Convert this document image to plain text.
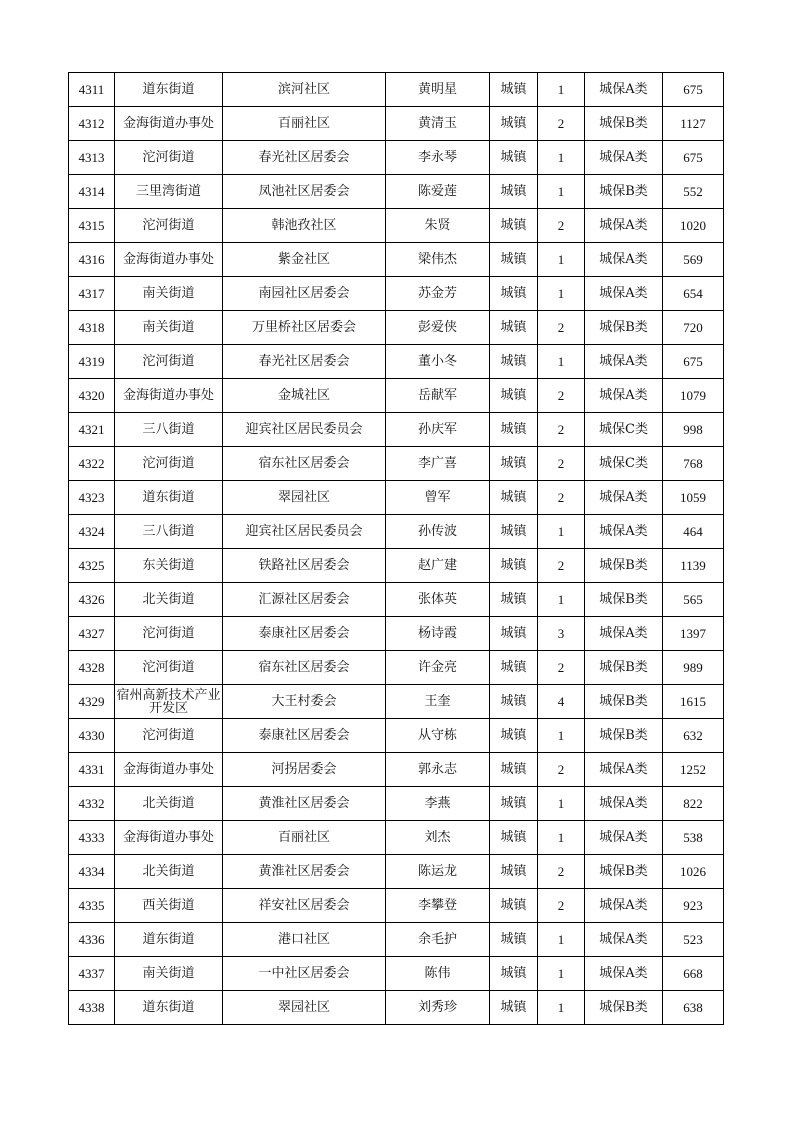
4311	道东街道	滨河社区	黄明星	城镇	1	城保A类	675
4312	金海街道办事处	百丽社区	黄清玉	城镇	2	城保B类	1127
4313	沱河街道	春光社区居委会	李永琴	城镇	1	城保A类	675
4314	三里湾街道	凤池社区居委会	陈爱莲	城镇	1	城保B类	552
4315	沱河街道	韩池孜社区	朱贤	城镇	2	城保A类	1020
4316	金海街道办事处	紫金社区	梁伟杰	城镇	1	城保A类	569
4317	南关街道	南园社区居委会	苏金芳	城镇	1	城保A类	654
4318	南关街道	万里桥社区居委会	彭爱侠	城镇	2	城保B类	720
4319	沱河街道	春光社区居委会	董小冬	城镇	1	城保A类	675
4320	金海街道办事处	金城社区	岳献军	城镇	2	城保A类	1079
4321	三八街道	迎宾社区居民委员会	孙庆军	城镇	2	城保C类	998
4322	沱河街道	宿东社区居委会	李广喜	城镇	2	城保C类	768
4323	道东街道	翠园社区	曾军	城镇	2	城保A类	1059
4324	三八街道	迎宾社区居民委员会	孙传波	城镇	1	城保A类	464
4325	东关街道	铁路社区居委会	赵广建	城镇	2	城保B类	1139
4326	北关街道	汇源社区居委会	张体英	城镇	1	城保B类	565
4327	沱河街道	泰康社区居委会	杨诗霞	城镇	3	城保A类	1397
4328	沱河街道	宿东社区居委会	许金亮	城镇	2	城保B类	989
4329	宿州高新技术产业开发区	大王村委会	王奎	城镇	4	城保B类	1615
4330	沱河街道	泰康社区居委会	从守栋	城镇	1	城保B类	632
4331	金海街道办事处	河拐居委会	郭永志	城镇	2	城保A类	1252
4332	北关街道	黄淮社区居委会	李燕	城镇	1	城保A类	822
4333	金海街道办事处	百丽社区	刘杰	城镇	1	城保A类	538
4334	北关街道	黄淮社区居委会	陈运龙	城镇	2	城保B类	1026
4335	西关街道	祥安社区居委会	李攀登	城镇	2	城保A类	923
4336	道东街道	港口社区	余毛护	城镇	1	城保A类	523
4337	南关街道	一中社区居委会	陈伟	城镇	1	城保A类	668
4338	道东街道	翠园社区	刘秀珍	城镇	1	城保B类	638
